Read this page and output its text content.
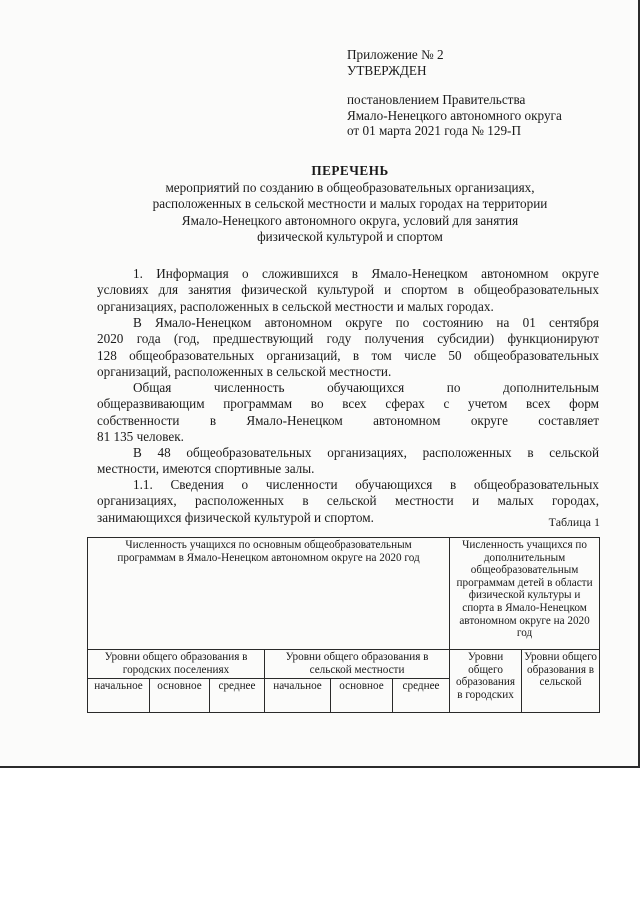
Приложение № 2
УТВЕРЖДЕН
постановлением Правительства
Ямало-Ненецкого автономного округа
от 01 марта 2021 года № 129-П
ПЕРЕЧЕНЬ
мероприятий по созданию в общеобразовательных организациях,
расположенных в сельской местности и малых городах на территории
Ямало-Ненецкого автономного округа, условий для занятия
физической культурой и спортом
1. Информация о сложившихся в Ямало-Ненецком автономном округе
условиях для занятия физической культурой и спортом в общеобразовательных
организациях, расположенных в сельской местности и малых городах.
В Ямало-Ненецком автономном округе по состоянию на 01 сентября
2020 года (год, предшествующий году получения субсидии) функционируют
128 общеобразовательных организаций, в том числе 50 общеобразовательных
организаций, расположенных в сельской местности.
Общая численность обучающихся по дополнительным
общеразвивающим программам во всех сферах с учетом всех форм
собственности в Ямало-Ненецком автономном округе составляет
81 135 человек.
В 48 общеобразовательных организациях, расположенных в сельской
местности, имеются спортивные залы.
1.1. Сведения о численности обучающихся в общеобразовательных
организациях, расположенных в сельской местности и малых городах,
занимающихся физической культурой и спортом.	Таблица 1
Численность учащихся по основным общеобразовательным программам в Ямало-Ненецком автономном округе на 2020 год						Численность учащихся по дополнительным общеобразовательным программам детей в области физической культуры и спорта в Ямало-Ненецком автономном округе на 2020 год	

Уровни общего образования в городских поселениях			Уровни общего образования в сельской местности			Уровни общего образования в городских	Уровни общего образования в сельской
начальное	основное	среднее	начальное	основное	среднее		
